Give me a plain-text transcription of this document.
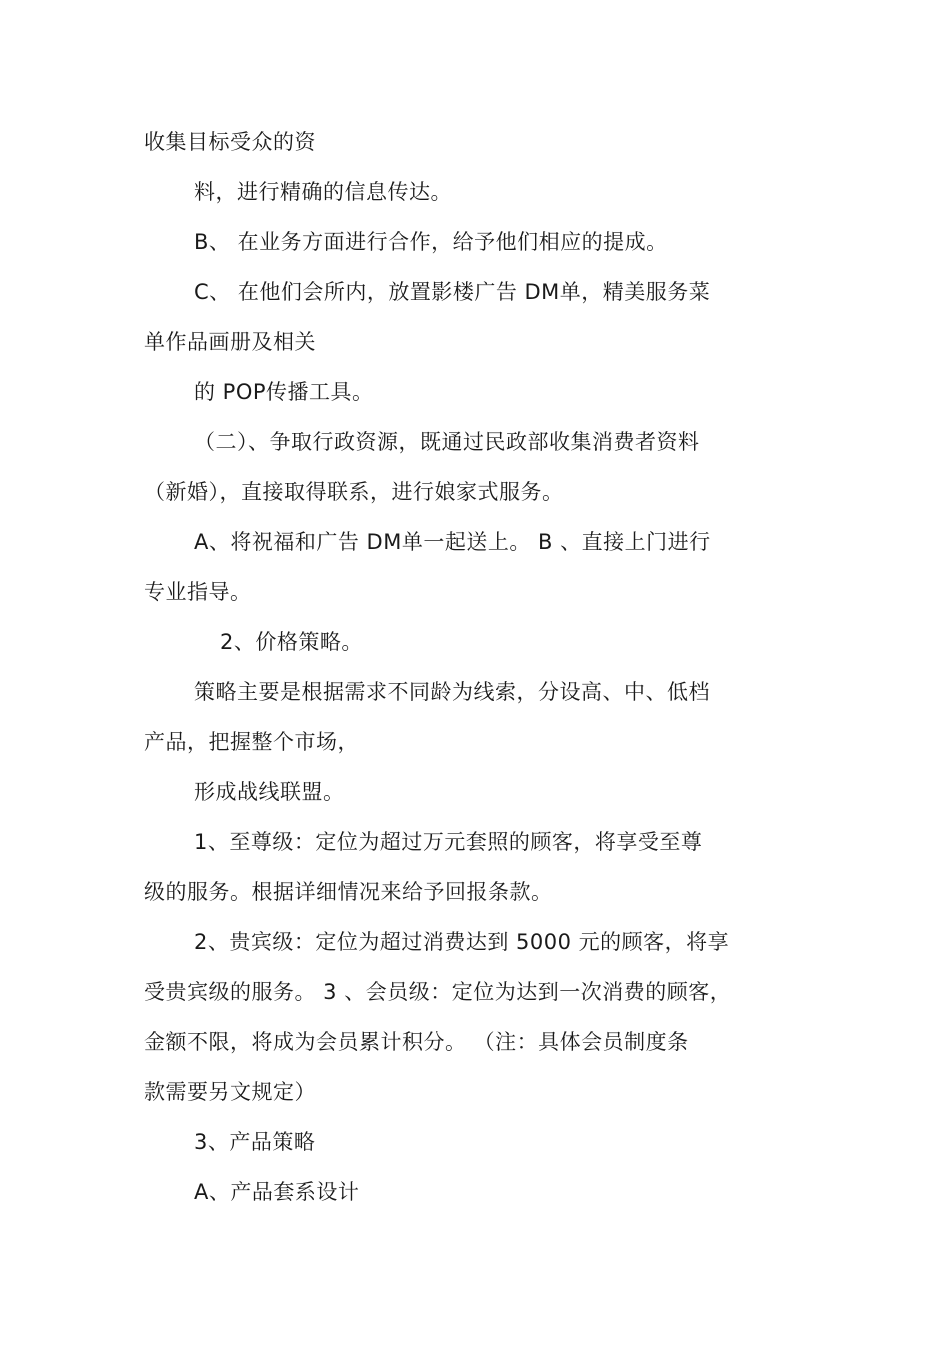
收集目标受众的资
料，进行精确的信息传达。
B、 在业务方面进行合作，给予他们相应的提成。
C、 在他们会所内，放置影楼广告 DM单，精美服务菜
单作品画册及相关
的 POP传播工具。
（二）、争取行政资源，既通过民政部收集消费者资料
（新婚），直接取得联系，进行娘家式服务。
A、将祝福和广告 DM单一起送上。 B 、直接上门进行
专业指导。
2、价格策略。
策略主要是根据需求不同龄为线索，分设高、中、低档
产品，把握整个市场，
形成战线联盟。
1、至尊级：定位为超过万元套照的顾客，将享受至尊
级的服务。根据详细情况来给予回报条款。
2、贵宾级：定位为超过消费达到 5000 元的顾客，将享
受贵宾级的服务。 3 、会员级：定位为达到一次消费的顾客，
金额不限，将成为会员累计积分。 （注：具体会员制度条
款需要另文规定）
3、产品策略
A、产品套系设计
